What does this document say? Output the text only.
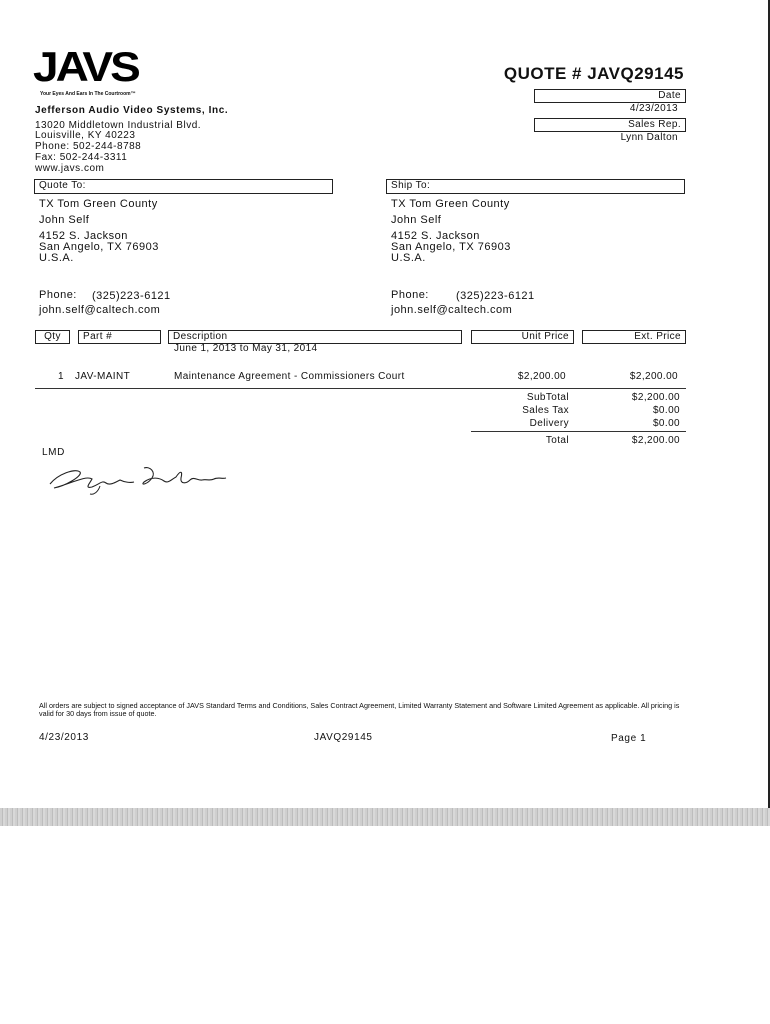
JAVS
Your Eyes And Ears In The Courtroom™
Jefferson Audio Video Systems, Inc.
13020 Middletown Industrial Blvd.
Louisville, KY 40223
Phone: 502-244-8788
Fax: 502-244-3311
www.javs.com
QUOTE # JAVQ29145
Date
4/23/2013
Sales Rep.
Lynn Dalton
Quote To:	Ship To:
TX Tom Green County
John Self
4152 S. Jackson
San Angelo, TX 76903
U.S.A.
Phone: (325)223-6121
john.self@caltech.com
TX Tom Green County
John Self
4152 S. Jackson
San Angelo, TX 76903
U.S.A.
Phone: (325)223-6121
john.self@caltech.com
Qty	Part #	Description	Unit Price	Ext. Price
June 1, 2013 to May 31, 2014
1 JAV-MAINT	Maintenance Agreement - Commissioners Court	$2,200.00	$2,200.00
SubTotal	$2,200.00
Sales Tax	$0.00
Delivery	$0.00
Total	$2,200.00
LMD
All orders are subject to signed acceptance of JAVS Standard Terms and Conditions, Sales Contract Agreement, Limited Warranty Statement and Software Limited Agreement as applicable. All pricing is valid for 30 days from issue of quote.
4/23/2013	JAVQ29145	Page 1
